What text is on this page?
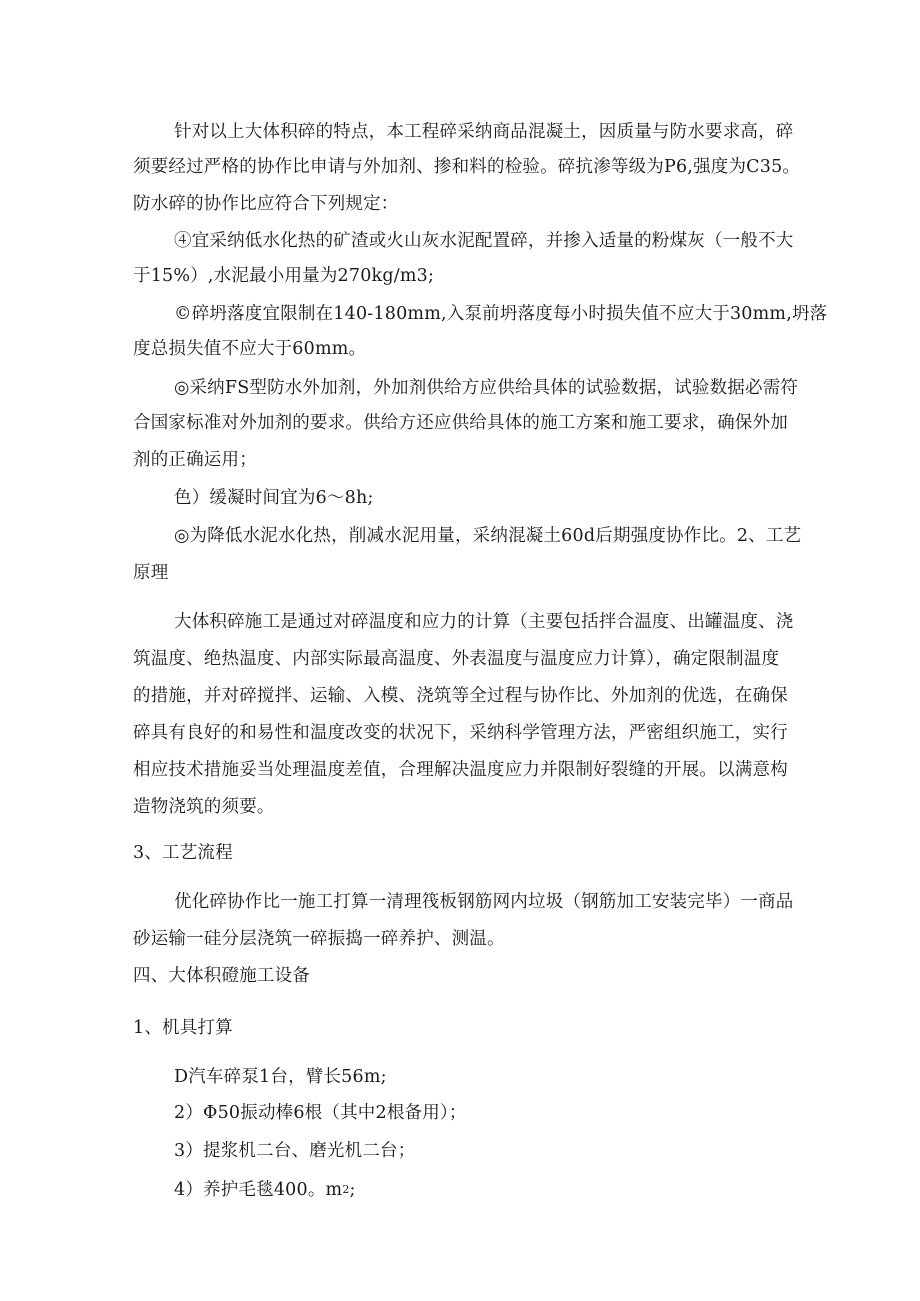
针对以上大体积碎的特点，本工程碎采纳商品混凝土，因质量与防水要求高，碎
须要经过严格的协作比申请与外加剂、掺和料的检验。碎抗渗等级为P6,强度为C35。
防水碎的协作比应符合下列规定：
④宜采纳低水化热的矿渣或火山灰水泥配置碎，并掺入适量的粉煤灰（一般不大
于15%）,水泥最小用量为270kg∕m3;
©碎坍落度宜限制在140-180mm,入泵前坍落度每小时损失值不应大于30mm,坍落
度总损失值不应大于60mm。
◎采纳FS型防水外加剂，外加剂供给方应供给具体的试验数据，试验数据必需符
合国家标准对外加剂的要求。供给方还应供给具体的施工方案和施工要求，确保外加
剂的正确运用；
色）缓凝时间宜为6～8h;
◎为降低水泥水化热，削减水泥用量，采纳混凝土60d后期强度协作比。2、工艺
原理
大体积碎施工是通过对碎温度和应力的计算（主要包括拌合温度、出罐温度、浇
筑温度、绝热温度、内部实际最高温度、外表温度与温度应力计算），确定限制温度
的措施，并对碎搅拌、运输、入模、浇筑等全过程与协作比、外加剂的优选，在确保
碎具有良好的和易性和温度改变的状况下，采纳科学管理方法，严密组织施工，实行
相应技术措施妥当处理温度差值，合理解决温度应力并限制好裂缝的开展。以满意构
造物浇筑的须要。
3、工艺流程
优化碎协作比一施工打算一清理筏板钢筋网内垃圾（钢筋加工安装完毕）一商品
砂运输一硅分层浇筑一碎振捣一碎养护、测温。
四、大体积磴施工设备
1、机具打算
D汽车碎泵1台，臂长56m;
2）Φ50振动棒6根（其中2根备用）；
3）提浆机二台、磨光机二台；
4）养护毛毯400。$m^2$;
